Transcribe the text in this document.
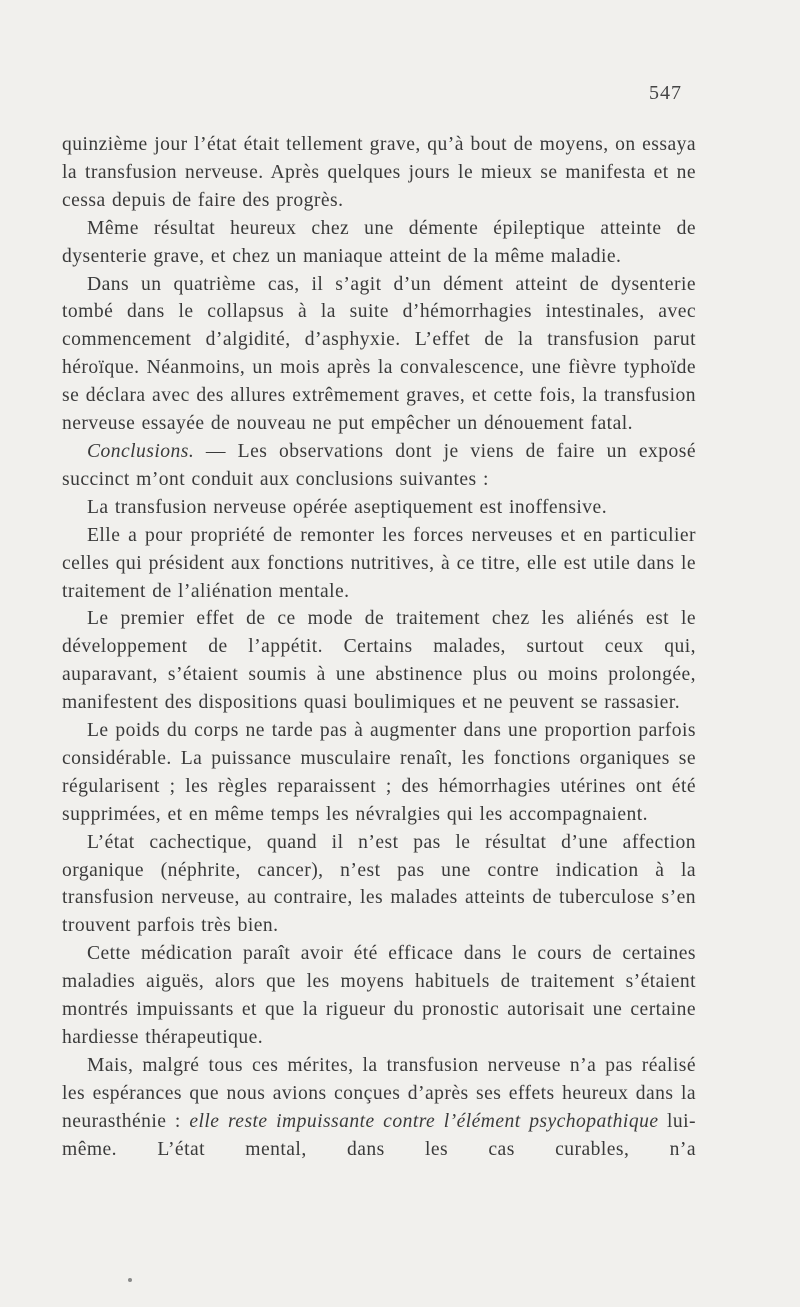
547

quinzième jour l’état était tellement grave, qu’à bout de moyens, on essaya la transfusion nerveuse. Après quelques jours le mieux se manifesta et ne cessa depuis de faire des progrès.

Même résultat heureux chez une démente épileptique atteinte de dysenterie grave, et chez un maniaque atteint de la même maladie.

Dans un quatrième cas, il s’agit d’un dément atteint de dysenterie tombé dans le collapsus à la suite d’hémorrhagies intestinales, avec commencement d’algidité, d’asphyxie. L’effet de la transfusion parut héroïque. Néanmoins, un mois après la convalescence, une fièvre typhoïde se déclara avec des allures extrêmement graves, et cette fois, la transfusion nerveuse essayée de nouveau ne put empêcher un dénouement fatal.

Conclusions. — Les observations dont je viens de faire un exposé succinct m’ont conduit aux conclusions suivantes :

La transfusion nerveuse opérée aseptiquement est inoffensive.

Elle a pour propriété de remonter les forces nerveuses et en particulier celles qui président aux fonctions nutritives, à ce titre, elle est utile dans le traitement de l’aliénation mentale.

Le premier effet de ce mode de traitement chez les aliénés est le développement de l’appétit. Certains malades, surtout ceux qui, auparavant, s’étaient soumis à une abstinence plus ou moins prolongée, manifestent des dispositions quasi boulimiques et ne peuvent se rassasier.

Le poids du corps ne tarde pas à augmenter dans une proportion parfois considérable. La puissance musculaire renaît, les fonctions organiques se régularisent ; les règles reparaissent ; des hémorrhagies utérines ont été supprimées, et en même temps les névralgies qui les accompagnaient.

L’état cachectique, quand il n’est pas le résultat d’une affection organique (néphrite, cancer), n’est pas une contre indication à la transfusion nerveuse, au contraire, les malades atteints de tuberculose s’en trouvent parfois très bien.

Cette médication paraît avoir été efficace dans le cours de certaines maladies aiguës, alors que les moyens habituels de traitement s’étaient montrés impuissants et que la rigueur du pronostic autorisait une certaine hardiesse thérapeutique.

Mais, malgré tous ces mérites, la transfusion nerveuse n’a pas réalisé les espérances que nous avions conçues d’après ses effets heureux dans la neurasthénie : elle reste impuissante contre l’élément psychopathique lui-même. L’état mental, dans les cas curables, n’a
